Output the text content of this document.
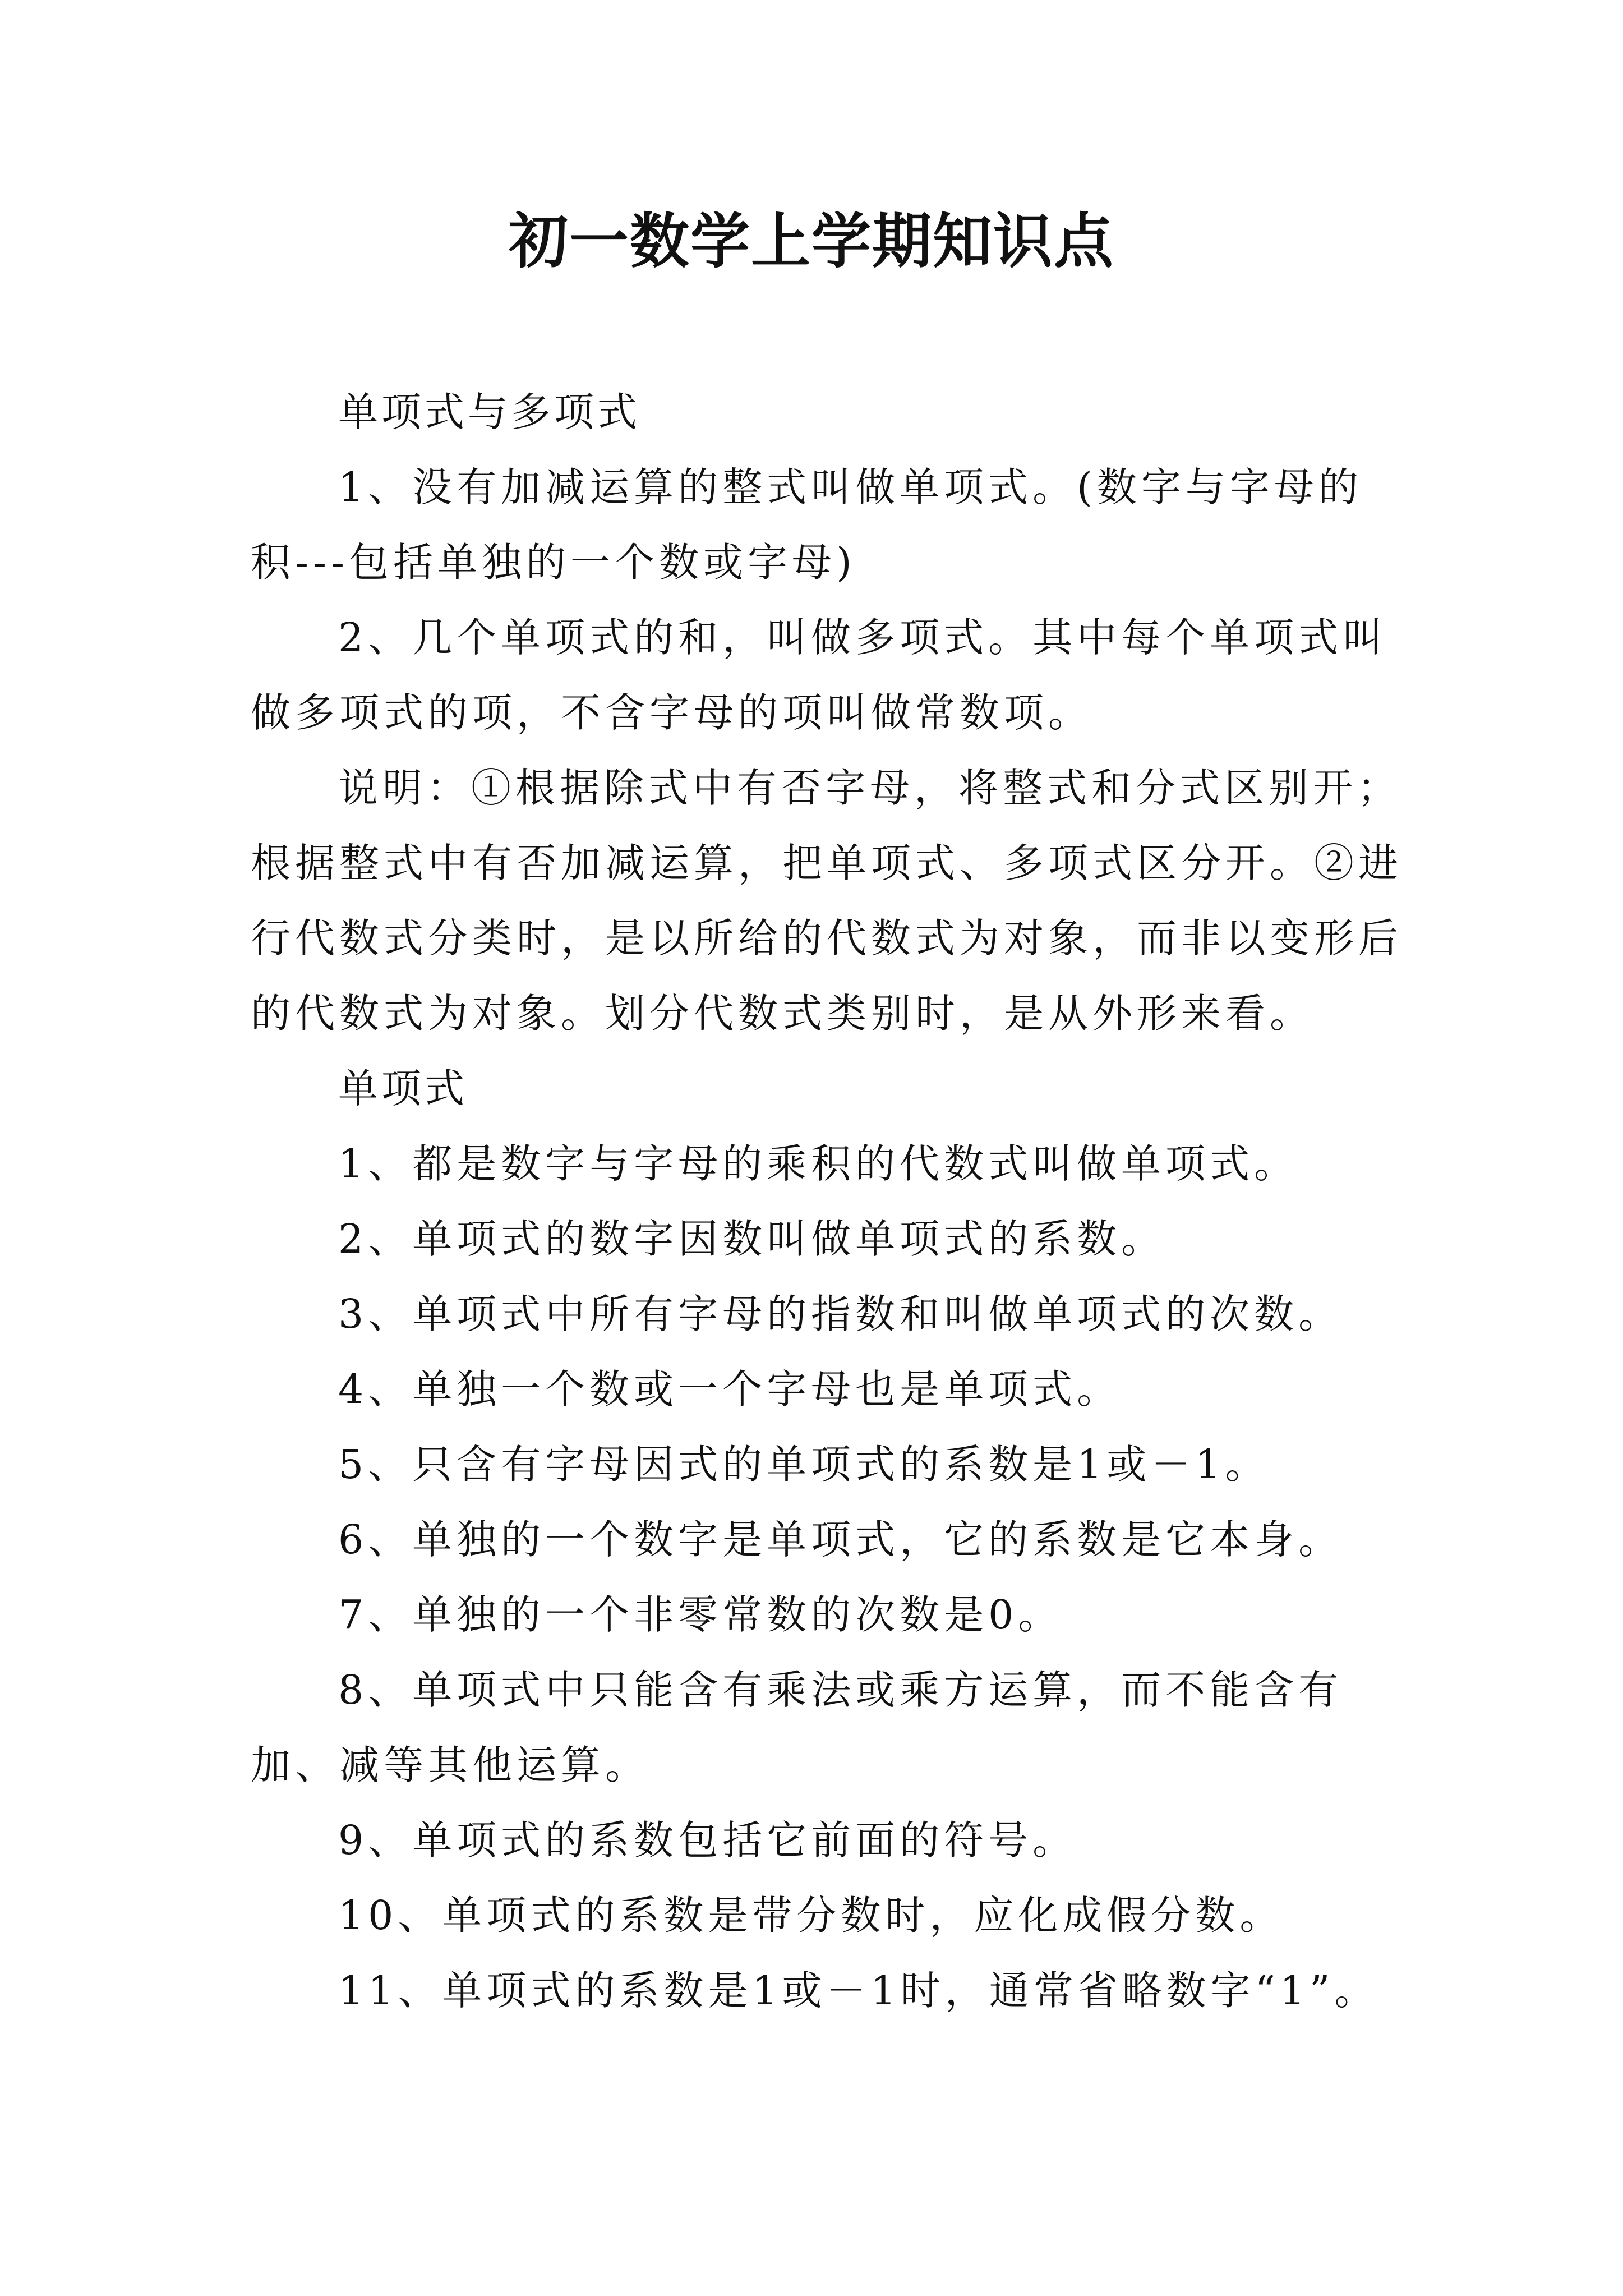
初一数学上学期知识点

单项式与多项式

1、没有加减运算的整式叫做单项式。(数字与字母的积---包括单独的一个数或字母)

2、几个单项式的和，叫做多项式。其中每个单项式叫做多项式的项，不含字母的项叫做常数项。

说明：①根据除式中有否字母，将整式和分式区别开；根据整式中有否加减运算，把单项式、多项式区分开。②进行代数式分类时，是以所给的代数式为对象，而非以变形后的代数式为对象。划分代数式类别时，是从外形来看。

单项式

1、都是数字与字母的乘积的代数式叫做单项式。

2、单项式的数字因数叫做单项式的系数。

3、单项式中所有字母的指数和叫做单项式的次数。

4、单独一个数或一个字母也是单项式。

5、只含有字母因式的单项式的系数是1或－1。

6、单独的一个数字是单项式，它的系数是它本身。

7、单独的一个非零常数的次数是0。

8、单项式中只能含有乘法或乘方运算，而不能含有加、减等其他运算。

9、单项式的系数包括它前面的符号。

10、单项式的系数是带分数时，应化成假分数。

11、单项式的系数是1或－1时，通常省略数字“1”。
